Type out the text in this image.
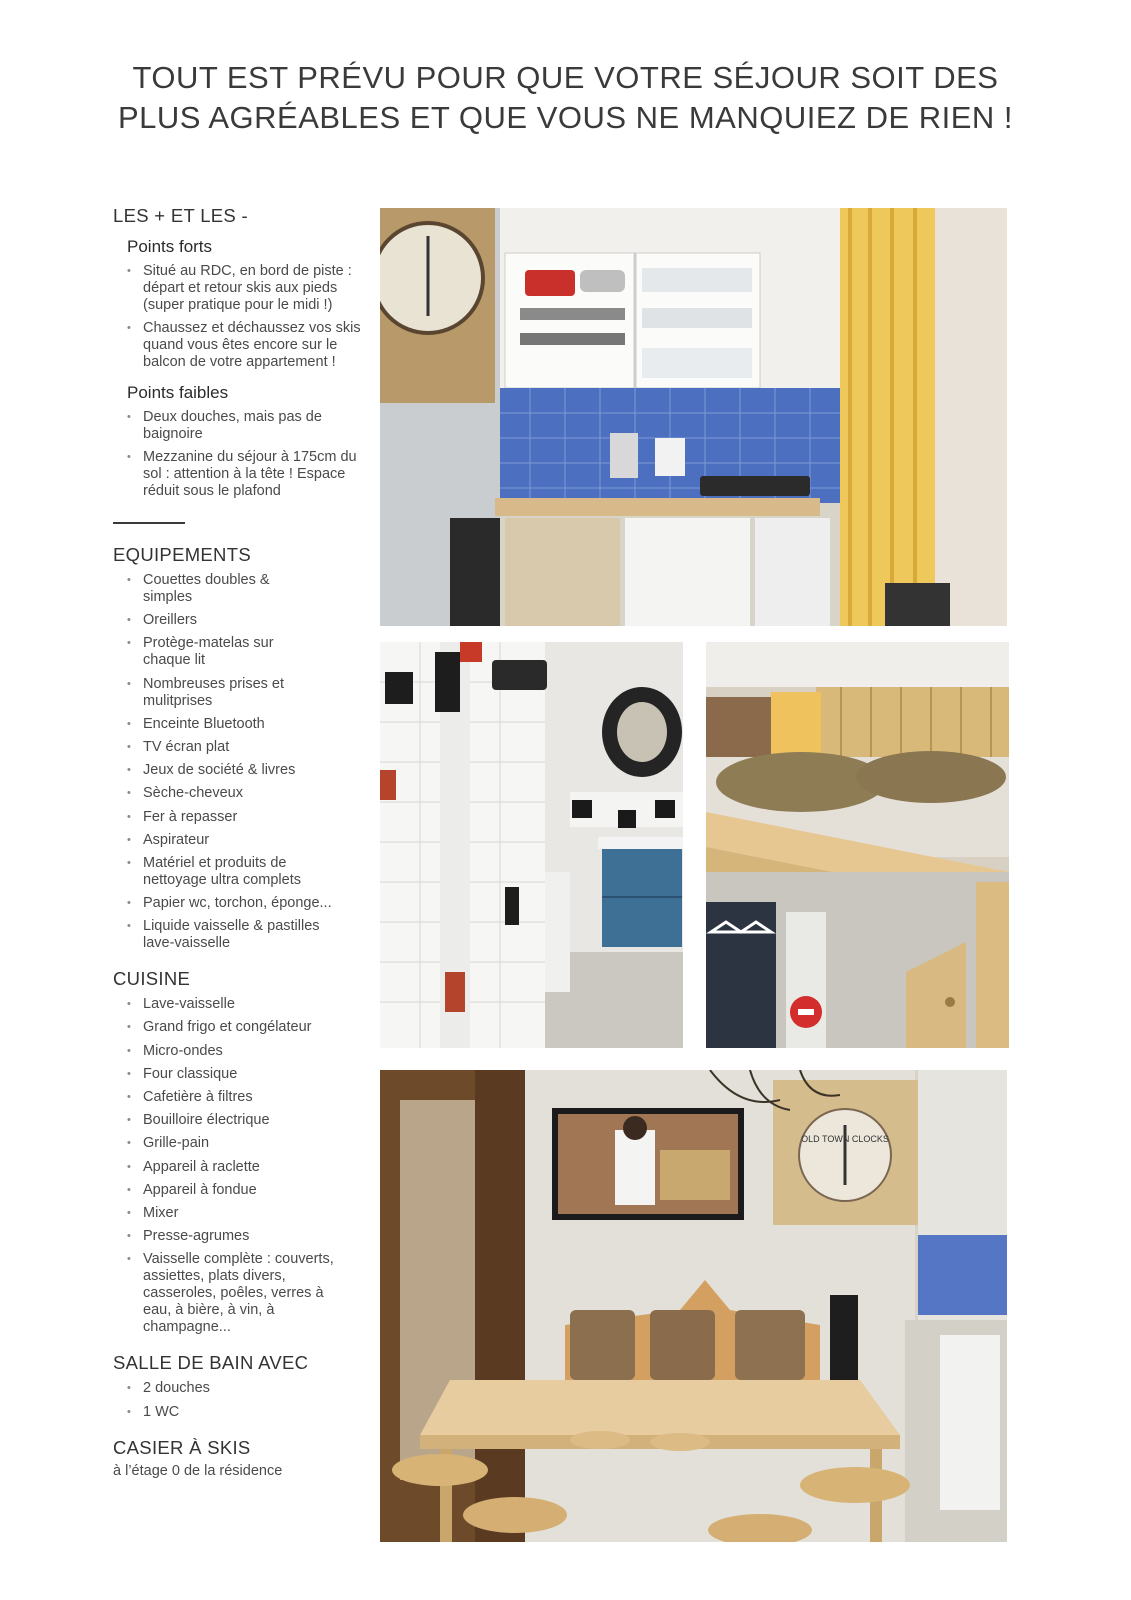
TOUT EST PRÉVU POUR QUE VOTRE SÉJOUR SOIT DES
PLUS AGRÉABLES ET QUE VOUS NE MANQUIEZ DE RIEN !
LES + ET LES -
Points forts
• Situé au RDC, en bord de piste : départ et retour skis aux pieds (super pratique pour le midi !)
• Chaussez et déchaussez vos skis quand vous êtes encore sur le balcon de votre appartement !
Points faibles
• Deux douches, mais pas de baignoire
• Mezzanine du séjour à 175cm du sol : attention à la tête ! Espace réduit sous le plafond
EQUIPEMENTS
• Couettes doubles & simples
• Oreillers
• Protège-matelas sur chaque lit
• Nombreuses prises et mulitprises
• Enceinte Bluetooth
• TV écran plat
• Jeux de société & livres
• Sèche-cheveux
• Fer à repasser
• Aspirateur
• Matériel et produits de nettoyage ultra complets
• Papier wc, torchon, éponge...
• Liquide vaisselle & pastilles lave-vaisselle
CUISINE
• Lave-vaisselle
• Grand frigo et congélateur
• Micro-ondes
• Four classique
• Cafetière à filtres
• Bouilloire électrique
• Grille-pain
• Appareil à raclette
• Appareil à fondue
• Mixer
• Presse-agrumes
• Vaisselle complète : couverts, assiettes, plats divers, casseroles, poêles, verres à eau, à bière, à vin, à champagne...
SALLE DE BAIN AVEC
• 2 douches
• 1 WC
CASIER À SKIS
à l’étage 0 de la résidence
OLD TOWN CLOCKS
